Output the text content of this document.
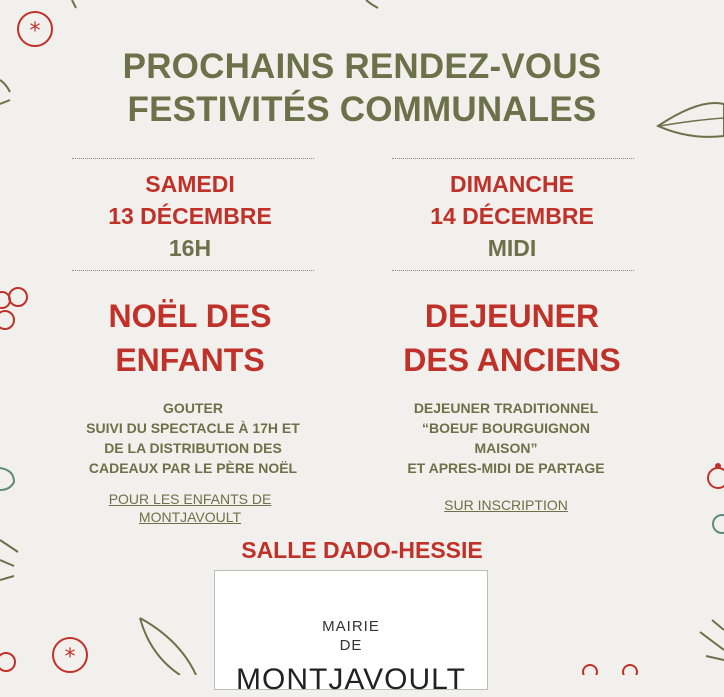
*
*
PROCHAINS RENDEZ-VOUS
FESTIVITÉS COMMUNALES
SAMEDI
13 DÉCEMBRE
16H
NOËL DES
ENFANTS
GOUTER
SUIVI DU SPECTACLE À 17H ET
DE LA DISTRIBUTION DES
CADEAUX PAR LE PÈRE NOËL
POUR LES ENFANTS DE
MONTJAVOULT
DIMANCHE
14 DÉCEMBRE
MIDI
DEJEUNER
DES ANCIENS
DEJEUNER TRADITIONNEL
“BOEUF BOURGUIGNON
MAISON”
ET APRES-MIDI DE PARTAGE
SUR INSCRIPTION
SALLE DADO-HESSIE
MAIRIE
DE
MONTJAVOULT
